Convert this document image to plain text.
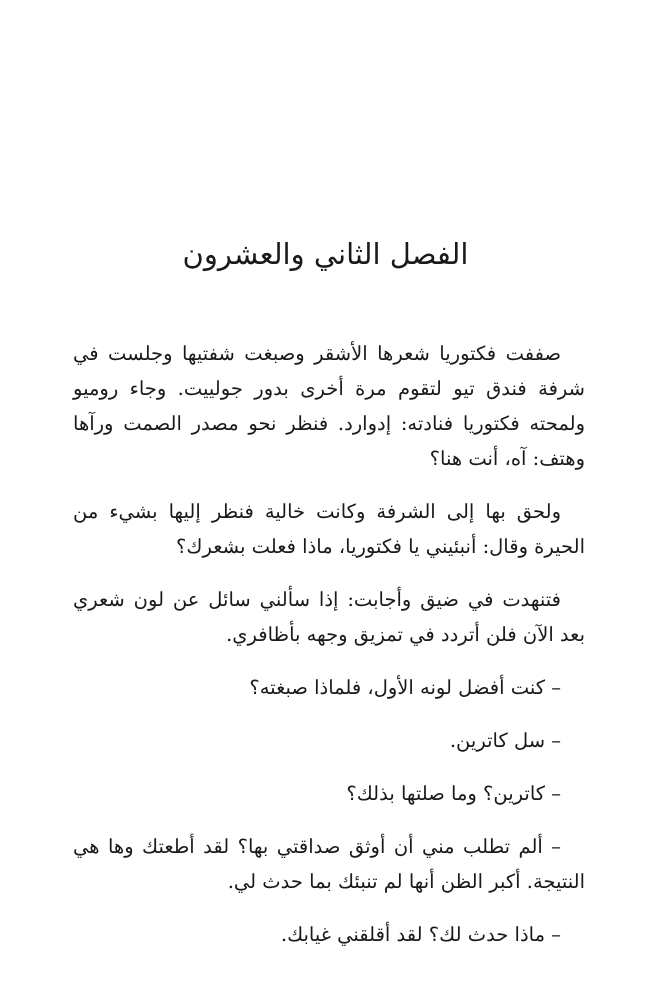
الفصل الثاني والعشرون

صففت فكتوريا شعرها الأشقر وصبغت شفتيها وجلست في شرفة فندق تيو لتقوم مرة أخرى بدور جولييت. وجاء روميو ولمحته فكتوريا فنادته: إدوارد. فنظر نحو مصدر الصمت ورآها وهتف: آه، أنت هنا؟

ولحق بها إلى الشرفة وكانت خالية فنظر إليها بشيء من الحيرة وقال: أنبئيني يا فكتوريا، ماذا فعلت بشعرك؟

فتنهدت في ضيق وأجابت: إذا سألني سائل عن لون شعري بعد الآن فلن أتردد في تمزيق وجهه بأظافري.

– كنت أفضل لونه الأول، فلماذا صبغته؟

– سل كاترين.

– كاترين؟ وما صلتها بذلك؟

– ألم تطلب مني أن أوثق صداقتي بها؟ لقد أطعتك وها هي النتيجة. أكبر الظن أنها لم تنبئك بما حدث لي.

– ماذا حدث لك؟ لقد أقلقني غيابك.
